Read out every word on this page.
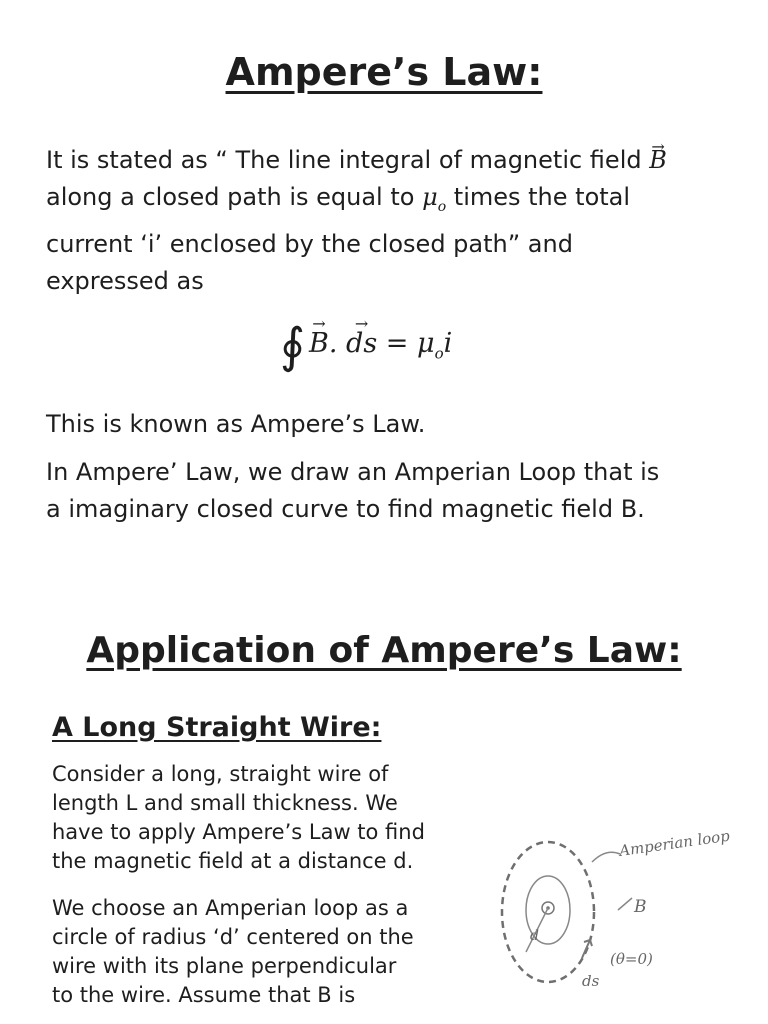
Ampere’s Law:
It is stated as “ The line integral of magnetic field → B
along a closed path is equal to $\mu_o$ times the total
current ‘i’ enclosed by the closed path” and
expressed as
∮ → B. → ds = $\mu_oi$
This is known as Ampere’s Law.
In Ampere’ Law, we draw an Amperian Loop that is
a imaginary closed curve to find magnetic field B.
Application of Ampere’s Law:
A Long Straight Wire:
Consider a long, straight wire of
length L and small thickness. We
have to apply Ampere’s Law to find
the magnetic field at a distance d.
We choose an Amperian loop as a
circle of radius ‘d’ centered on the
wire with its plane perpendicular
to the wire. Assume that B is
Amperian loop
B
d
(θ=0)
ds
